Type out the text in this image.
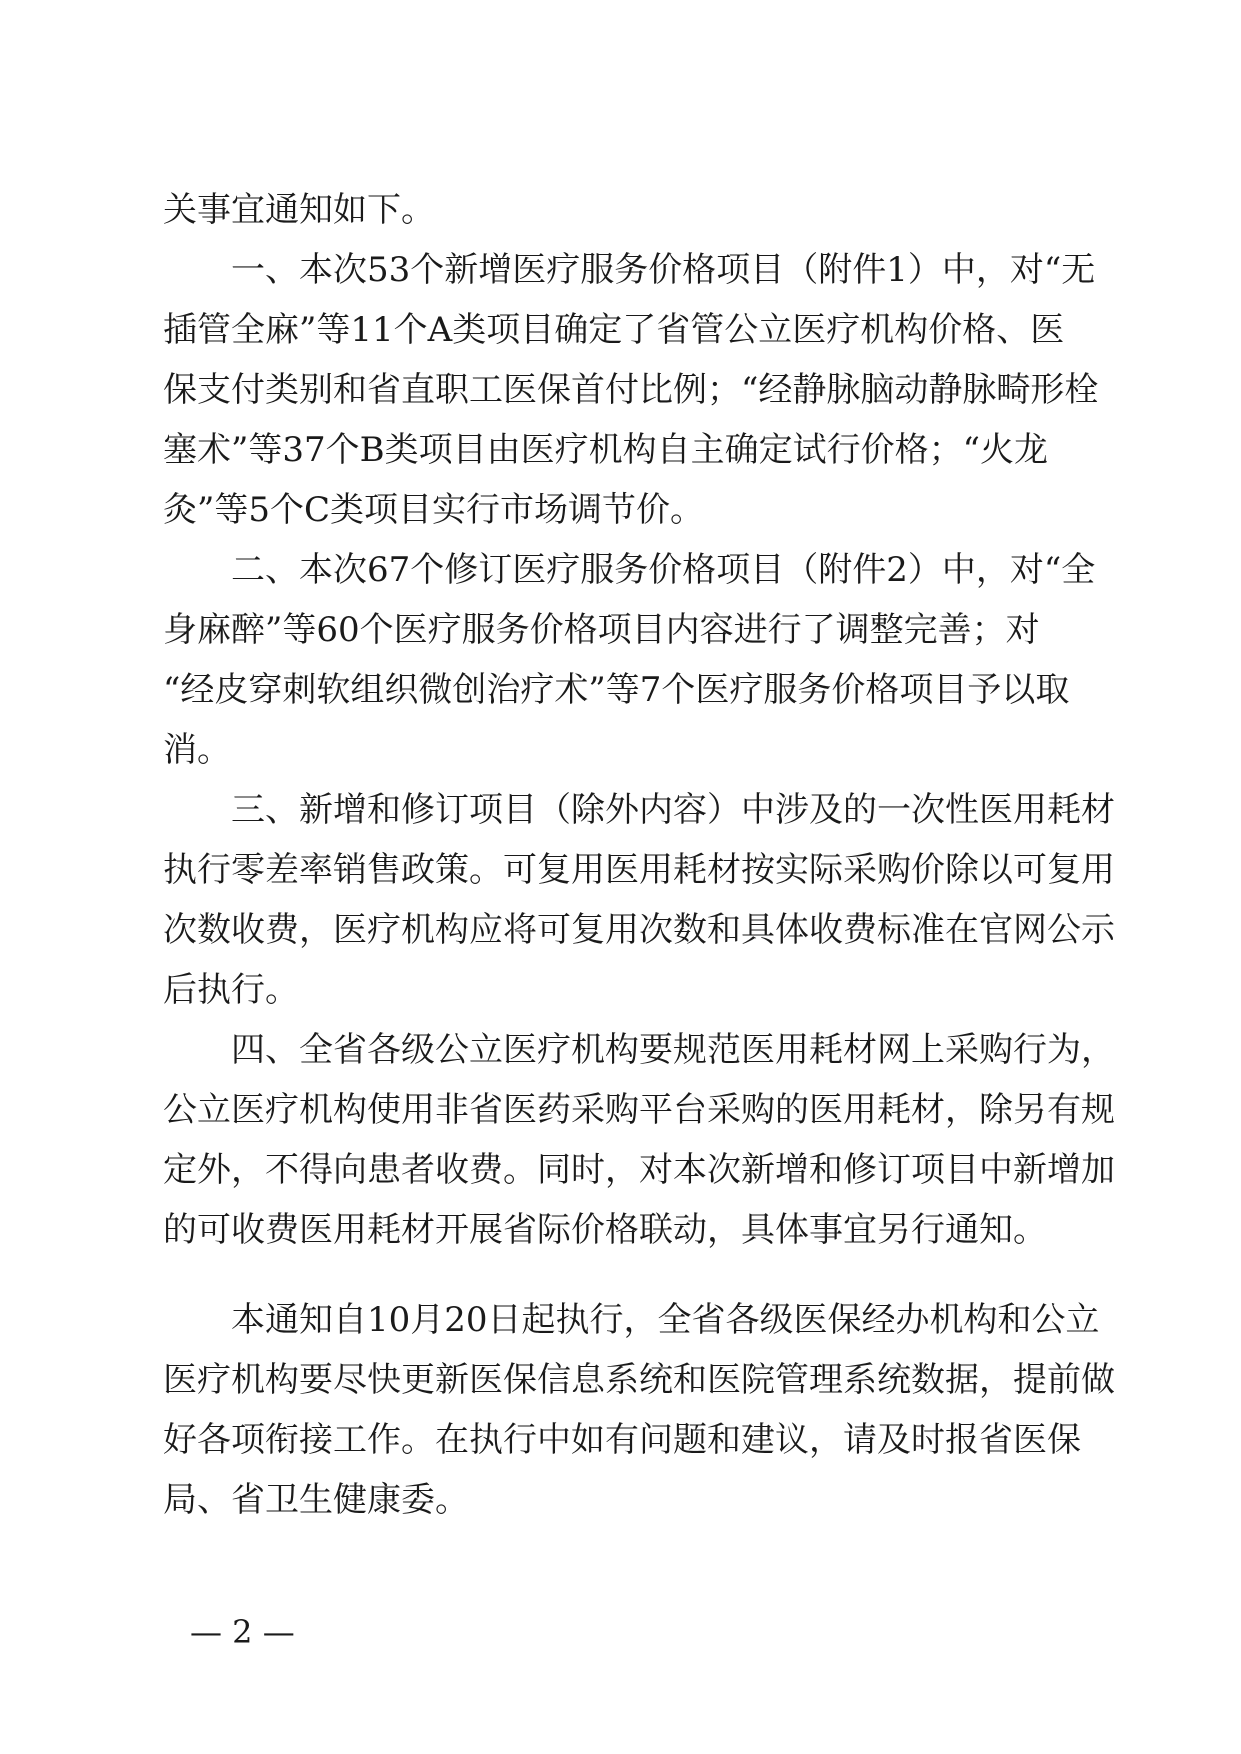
关事宜通知如下。
　　一、本次53个新增医疗服务价格项目（附件1）中，对“无
插管全麻”等11个A类项目确定了省管公立医疗机构价格、医
保支付类别和省直职工医保首付比例；“经静脉脑动静脉畸形栓
塞术”等37个B类项目由医疗机构自主确定试行价格；“火龙
灸”等5个C类项目实行市场调节价。
　　二、本次67个修订医疗服务价格项目（附件2）中，对“全
身麻醉”等60个医疗服务价格项目内容进行了调整完善；对
“经皮穿刺软组织微创治疗术”等7个医疗服务价格项目予以取
消。
　　三、新增和修订项目（除外内容）中涉及的一次性医用耗材
执行零差率销售政策。可复用医用耗材按实际采购价除以可复用
次数收费，医疗机构应将可复用次数和具体收费标准在官网公示
后执行。
　　四、全省各级公立医疗机构要规范医用耗材网上采购行为，
公立医疗机构使用非省医药采购平台采购的医用耗材，除另有规
定外，不得向患者收费。同时，对本次新增和修订项目中新增加
的可收费医用耗材开展省际价格联动，具体事宜另行通知。
　　本通知自10月20日起执行，全省各级医保经办机构和公立
医疗机构要尽快更新医保信息系统和医院管理系统数据，提前做
好各项衔接工作。在执行中如有问题和建议，请及时报省医保
局、省卫生健康委。
— 2 —
